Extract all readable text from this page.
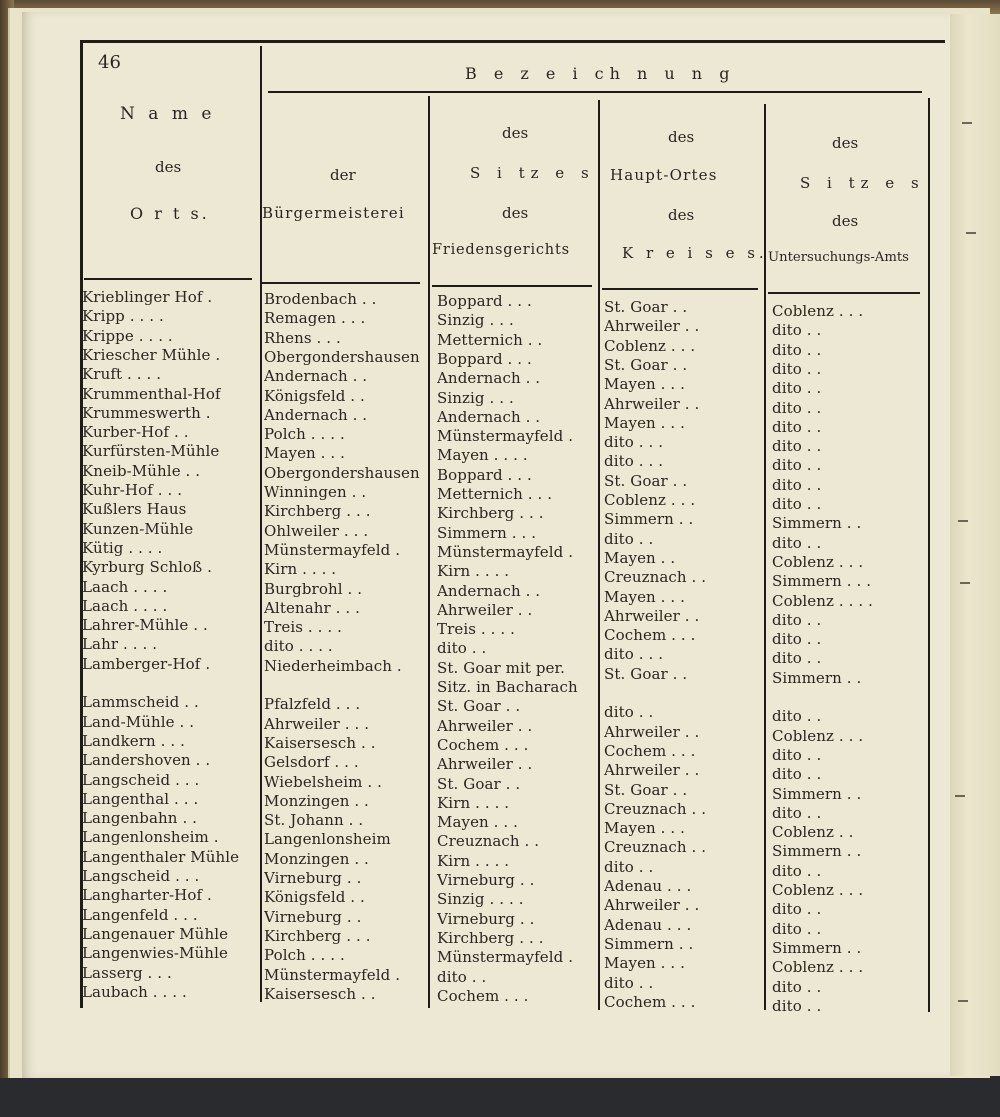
46
B e z e i ch n u n g
N a m e
des
O r t s.
der
Bürgermeisterei
des
S i tz e s
des
Friedensgerichts
des
Haupt-Ortes
des
K r e i s e s.
des
S i tz e s
des
Untersuchungs-Amts
Krieblinger Hof .
Kripp . . . .
Krippe . . . .
Kriescher Mühle .
Kruft . . . .
Krummenthal-Hof
Krummeswerth .
Kurber-Hof . .
Kurfürsten-Mühle
Kneib-Mühle . .
Kuhr-Hof . . .
Kußlers Haus
Kunzen-Mühle
Kütig . . . .
Kyrburg Schloß .
Laach . . . .
Laach . . . .
Lahrer-Mühle . .
Lahr . . . .
Lamberger-Hof .
Lammscheid . .
Land-Mühle . .
Landkern . . .
Landershoven . .
Langscheid . . .
Langenthal . . .
Langenbahn . .
Langenlonsheim .
Langenthaler Mühle
Langscheid . . .
Langharter-Hof .
Langenfeld . . .
Langenauer Mühle
Langenwies-Mühle
Lasserg . . .
Laubach . . . .
Brodenbach . .
Remagen . . .
Rhens . . .
Obergondershausen
Andernach . .
Königsfeld . .
Andernach . .
Polch . . . .
Mayen . . .
Obergondershausen
Winningen . .
Kirchberg . . .
Ohlweiler . . .
Münstermayfeld .
Kirn . . . .
Burgbrohl . .
Altenahr . . .
Treis . . . .
dito . . . .
Niederheimbach .
Pfalzfeld . . .
Ahrweiler . . .
Kaisersesch . .
Gelsdorf . . .
Wiebelsheim . .
Monzingen . .
St. Johann . .
Langenlonsheim
Monzingen . .
Virneburg . .
Königsfeld . .
Virneburg . .
Kirchberg . . .
Polch . . . .
Münstermayfeld .
Kaisersesch . .
Boppard . . .
Sinzig . . .
Metternich . .
Boppard . . .
Andernach . .
Sinzig . . .
Andernach . .
Münstermayfeld .
Mayen . . . .
Boppard . . .
Metternich . . .
Kirchberg . . .
Simmern . . .
Münstermayfeld .
Kirn . . . .
Andernach . .
Ahrweiler . .
Treis . . . .
dito . .
St. Goar mit per.
Sitz. in Bacharach
St. Goar . .
Ahrweiler . .
Cochem . . .
Ahrweiler . .
St. Goar . .
Kirn . . . .
Mayen . . .
Creuznach . .
Kirn . . . .
Virneburg . .
Sinzig . . . .
Virneburg . .
Kirchberg . . .
Münstermayfeld .
dito . .
Cochem . . .
St. Goar . .
Ahrweiler . .
Coblenz . . .
St. Goar . .
Mayen . . .
Ahrweiler . .
Mayen . . .
dito . . .
dito . . .
St. Goar . .
Coblenz . . .
Simmern . .
dito . .
Mayen . .
Creuznach . .
Mayen . . .
Ahrweiler . .
Cochem . . .
dito . . .
St. Goar . .
dito . .
Ahrweiler . .
Cochem . . .
Ahrweiler . .
St. Goar . .
Creuznach . .
Mayen . . .
Creuznach . .
dito . .
Adenau . . .
Ahrweiler . .
Adenau . . .
Simmern . .
Mayen . . .
dito . .
Cochem . . .
Coblenz . . .
dito . .
dito . .
dito . .
dito . .
dito . .
dito . .
dito . .
dito . .
dito . .
dito . .
Simmern . .
dito . .
Coblenz . . .
Simmern . . .
Coblenz . . . .
dito . .
dito . .
dito . .
Simmern . .
dito . .
Coblenz . . .
dito . .
dito . .
Simmern . .
dito . .
Coblenz . .
Simmern . .
dito . .
Coblenz . . .
dito . .
dito . .
Simmern . .
Coblenz . . .
dito . .
dito . .
